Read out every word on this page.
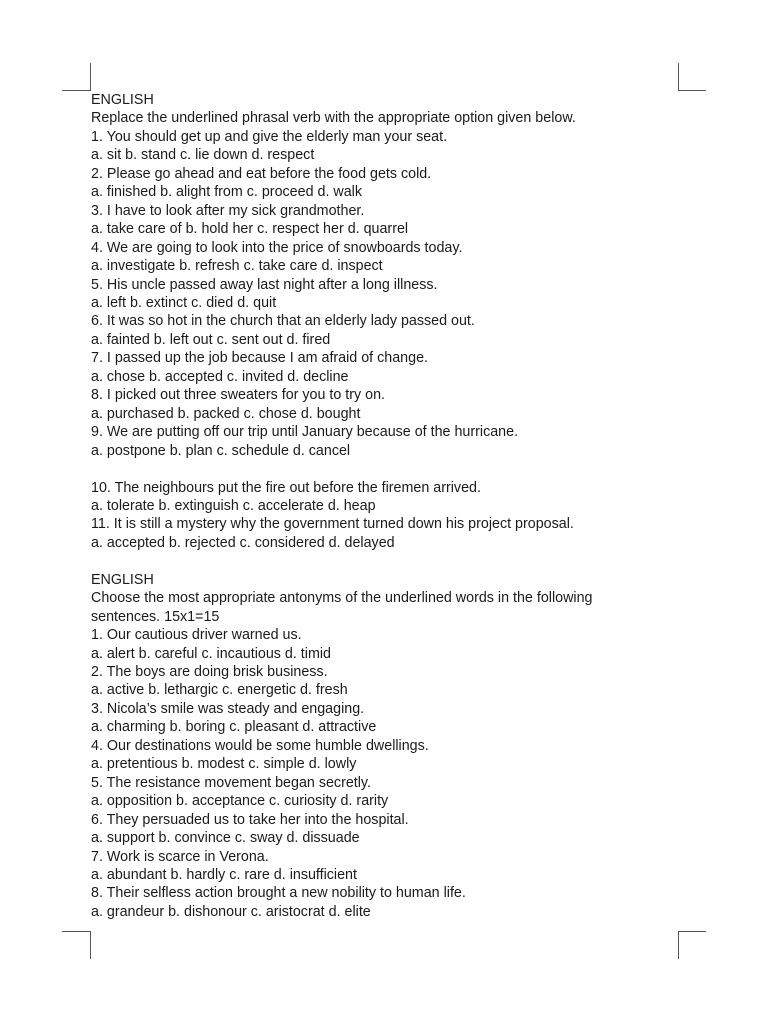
ENGLISH
Replace the underlined phrasal verb with the appropriate option given below.
1. You should get up and give the elderly man your seat.
a. sit b. stand c. lie down d. respect
2. Please go ahead and eat before the food gets cold.
a. finished b. alight from c. proceed d. walk
3. I have to look after my sick grandmother.
a. take care of b. hold her c. respect her d. quarrel
4. We are going to look into the price of snowboards today.
a. investigate b. refresh c. take care d. inspect
5. His uncle passed away last night after a long illness.
a. left b. extinct c. died d. quit
6. It was so hot in the church that an elderly lady passed out.
a. fainted b. left out c. sent out d. fired
7. I passed up the job because I am afraid of change.
a. chose b. accepted c. invited d. decline
8. I picked out three sweaters for you to try on.
a. purchased b. packed c. chose d. bought
9. We are putting off our trip until January because of the hurricane.
a. postpone b. plan c. schedule d. cancel
10. The neighbours put the fire out before the firemen arrived.
a. tolerate b. extinguish c. accelerate d. heap
11. It is still a mystery why the government turned down his project proposal.
a. accepted b. rejected c. considered d. delayed
ENGLISH
Choose the most appropriate antonyms of the underlined words in the following
sentences. 15x1=15
1. Our cautious driver warned us.
a. alert b. careful c. incautious d. timid
2. The boys are doing brisk business.
a. active b. lethargic c. energetic d. fresh
3. Nicola’s smile was steady and engaging.
a. charming b. boring c. pleasant d. attractive
4. Our destinations would be some humble dwellings.
a. pretentious b. modest c. simple d. lowly
5. The resistance movement began secretly.
a. opposition b. acceptance c. curiosity d. rarity
6. They persuaded us to take her into the hospital.
a. support b. convince c. sway d. dissuade
7. Work is scarce in Verona.
a. abundant b. hardly c. rare d. insufficient
8. Their selfless action brought a new nobility to human life.
a. grandeur b. dishonour c. aristocrat d. elite
